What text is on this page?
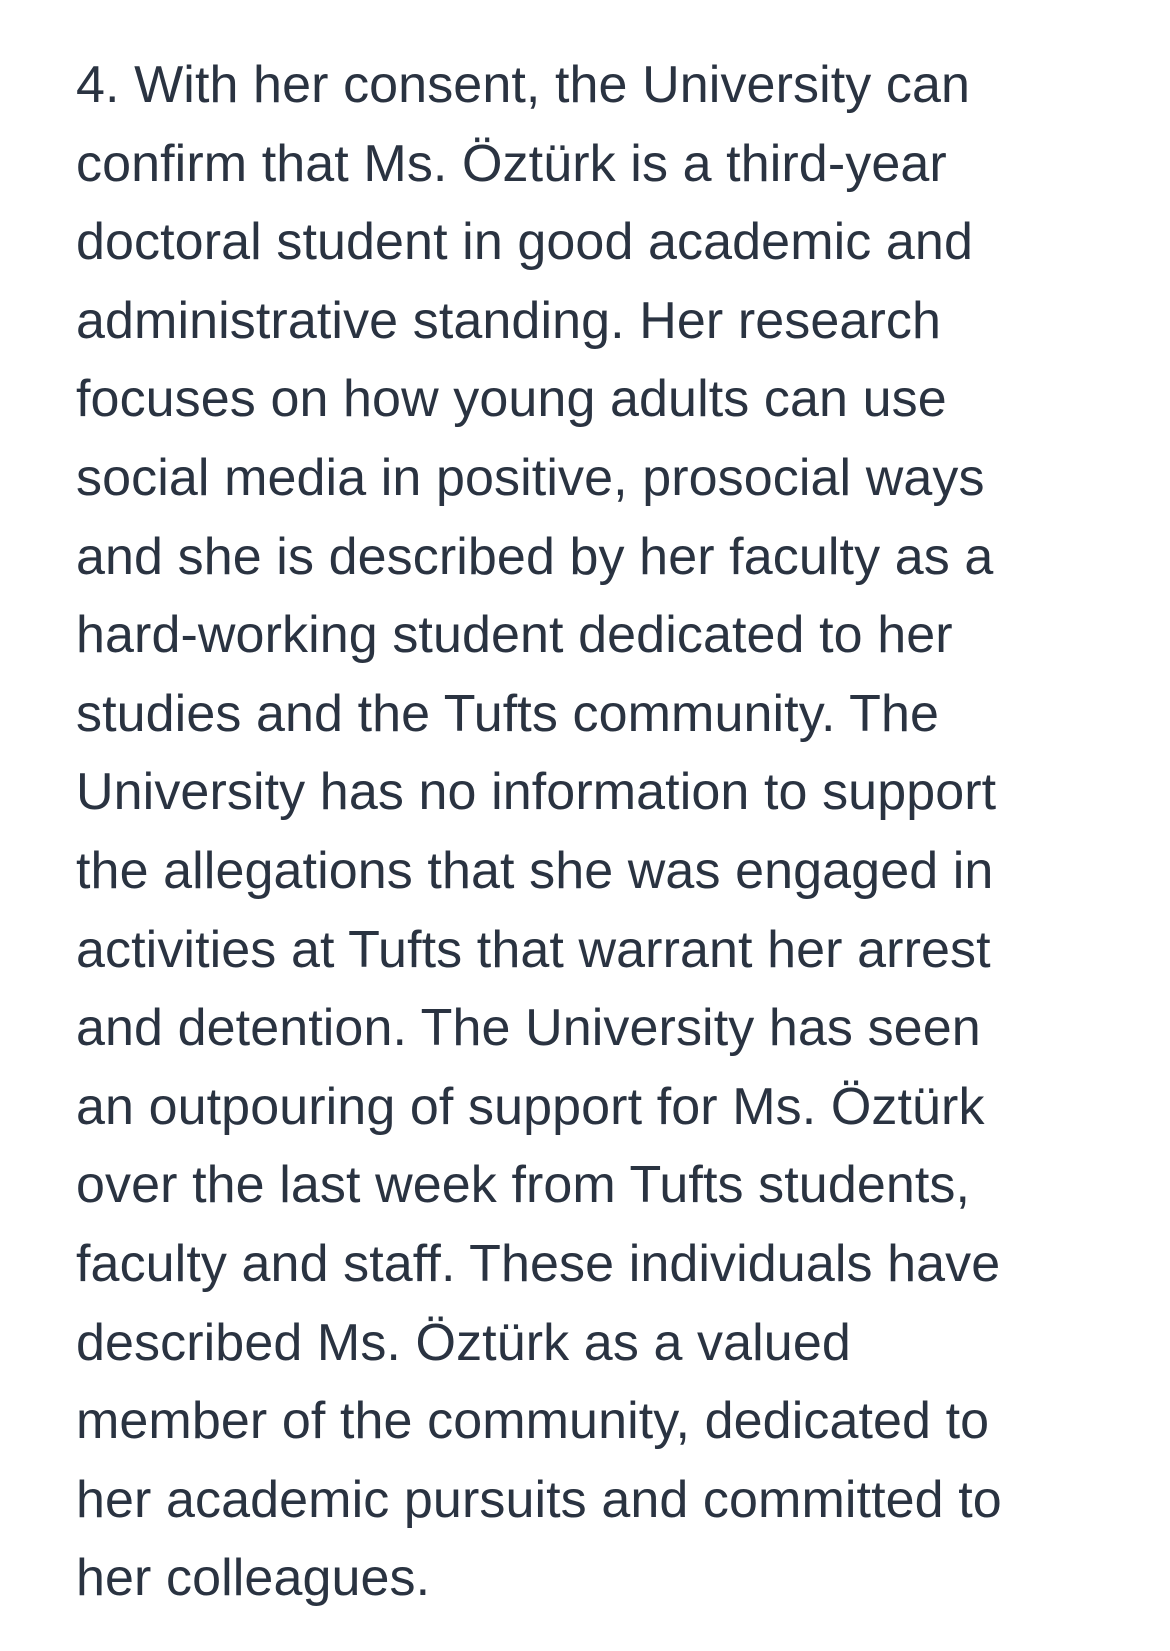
4. With her consent, the University can
confirm that Ms. Öztürk is a third-year
doctoral student in good academic and
administrative standing. Her research
focuses on how young adults can use
social media in positive, prosocial ways
and she is described by her faculty as a
hard-working student dedicated to her
studies and the Tufts community. The
University has no information to support
the allegations that she was engaged in
activities at Tufts that warrant her arrest
and detention. The University has seen
an outpouring of support for Ms. Öztürk
over the last week from Tufts students,
faculty and staff. These individuals have
described Ms. Öztürk as a valued
member of the community, dedicated to
her academic pursuits and committed to
her colleagues.
